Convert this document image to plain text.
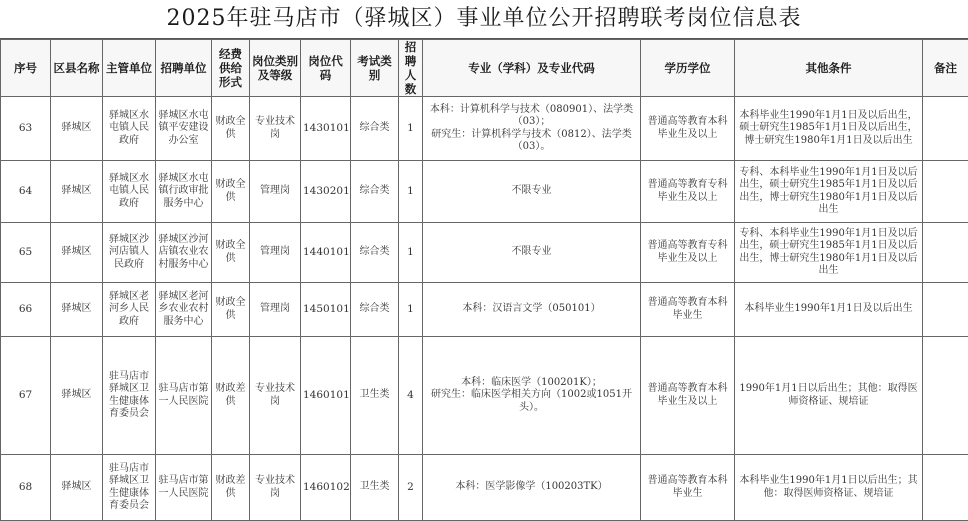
2025年驻马店市（驿城区）事业单位公开招聘联考岗位信息表
序号	区县名称	主管单位	招聘单位	经费供给形式	岗位类别及等级	岗位代码	考试类别	招聘人数	专业（学科）及专业代码	学历学位	其他条件	备注
63	驿城区	驿城区水屯镇人民政府	驿城区水屯镇平安建设办公室	财政全供	专业技术岗	1430101	综合类	1	本科：计算机科学与技术（080901）、法学类（03）；
研究生：计算机科学与技术（0812）、法学类（03）。	普通高等教育本科毕业生及以上	本科毕业生1990年1月1日及以后出生，硕士研究生1985年1月1日及以后出生，博士研究生1980年1月1日及以后出生	
64	驿城区	驿城区水屯镇人民政府	驿城区水屯镇行政审批服务中心	财政全供	管理岗	1430201	综合类	1	不限专业	普通高等教育专科毕业生及以上	专科、本科毕业生1990年1月1日及以后出生，硕士研究生1985年1月1日及以后出生，博士研究生1980年1月1日及以后出生	
65	驿城区	驿城区沙河店镇人民政府	驿城区沙河店镇农业农村服务中心	财政全供	管理岗	1440101	综合类	1	不限专业	普通高等教育专科毕业生及以上	专科、本科毕业生1990年1月1日及以后出生，硕士研究生1985年1月1日及以后出生，博士研究生1980年1月1日及以后出生	
66	驿城区	驿城区老河乡人民政府	驿城区老河乡农业农村服务中心	财政全供	管理岗	1450101	综合类	1	本科：汉语言文学（050101）	普通高等教育本科毕业生	本科毕业生1990年1月1日及以后出生	
67	驿城区	驻马店市驿城区卫生健康体育委员会	驻马店市第一人民医院	财政差供	专业技术岗	1460101	卫生类	4	本科：临床医学（100201K）；
研究生：临床医学相关方向（1002或1051开头）。	普通高等教育本科毕业生及以上	1990年1月1日以后出生；其他：取得医师资格证、规培证	
68	驿城区	驻马店市驿城区卫生健康体育委员会	驻马店市第一人民医院	财政差供	专业技术岗	1460102	卫生类	2	本科：医学影像学（100203TK）	普通高等教育本科毕业生	本科毕业生1990年1月1日以后出生；其他：取得医师资格证、规培证	
